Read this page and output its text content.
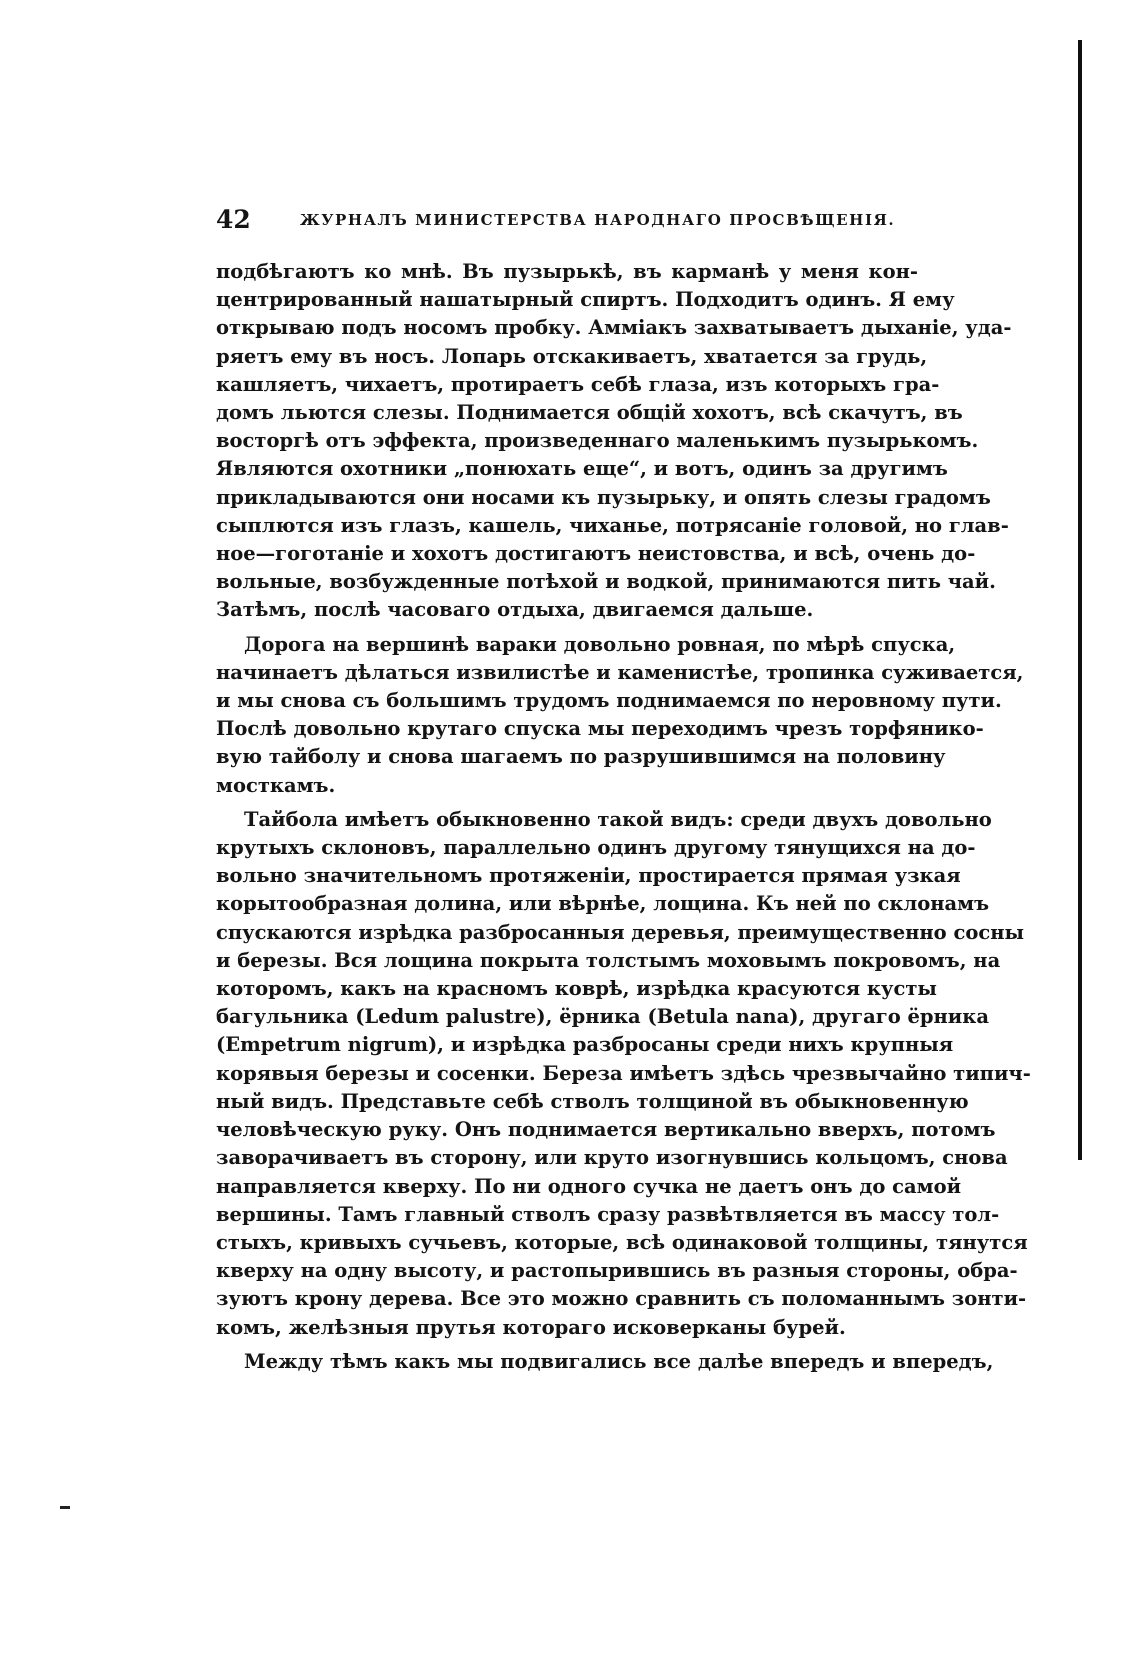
42	ЖУРНАЛЪ МИНИСТЕРСТВА НАРОДНАГО ПРОСВѢЩЕНІЯ.
подбѣгаютъ ко мнѣ. Въ пузырькѣ, въ карманѣ у меня кон-
центрированный нашатырный спиртъ. Подходитъ одинъ. Я ему
открываю подъ носомъ пробку. Амміакъ захватываетъ дыханіе, уда-
ряетъ ему въ носъ. Лопарь отскакиваетъ, хватается за грудь,
кашляетъ, чихаетъ, протираетъ себѣ глаза, изъ которыхъ гра-
домъ льются слезы. Поднимается общій хохотъ, всѣ скачутъ, въ
восторгѣ отъ эффекта, произведеннаго маленькимъ пузырькомъ.
Являются охотники „понюхать еще“, и вотъ, одинъ за другимъ
прикладываются они носами къ пузырьку, и опять слезы градомъ
сыплются изъ глазъ, кашель, чиханье, потрясаніе головой, но глав-
ное—гоготаніе и хохотъ достигаютъ неистовства, и всѣ, очень до-
вольные, возбужденные потѣхой и водкой, принимаются пить чай.
Затѣмъ, послѣ часоваго отдыха, двигаемся дальше.
Дорога на вершинѣ вараки довольно ровная, по мѣрѣ спуска,
начинаетъ дѣлаться извилистѣе и каменистѣе, тропинка суживается,
и мы снова съ большимъ трудомъ поднимаемся по неровному пути.
Послѣ довольно крутаго спуска мы переходимъ чрезъ торфянико-
вую тайболу и снова шагаемъ по разрушившимся на половину
мосткамъ.
Тайбола имѣетъ обыкновенно такой видъ: среди двухъ довольно
крутыхъ склоновъ, параллельно одинъ другому тянущихся на до-
вольно значительномъ протяженіи, простирается прямая узкая
корытообразная долина, или вѣрнѣе, лощина. Къ ней по склонамъ
спускаются изрѣдка разбросанныя деревья, преимущественно сосны
и березы. Вся лощина покрыта толстымъ моховымъ покровомъ, на
которомъ, какъ на красномъ коврѣ, изрѣдка красуются кусты
багульника (Ledum palustre), ёрника (Betula nana), другаго ёрника
(Empetrum nigrum), и изрѣдка разбросаны среди нихъ крупныя
корявыя березы и сосенки. Береза имѣетъ здѣсь чрезвычайно типич-
ный видъ. Представьте себѣ стволъ толщиной въ обыкновенную
человѣческую руку. Онъ поднимается вертикально вверхъ, потомъ
заворачиваетъ въ сторону, или круто изогнувшись кольцомъ, снова
направляется кверху. По ни одного сучка не даетъ онъ до самой
вершины. Тамъ главный стволъ сразу развѣтвляется въ массу тол-
стыхъ, кривыхъ сучьевъ, которые, всѣ одинаковой толщины, тянутся
кверху на одну высоту, и растопырившись въ разныя стороны, обра-
зуютъ крону дерева. Все это можно сравнить съ поломаннымъ зонти-
комъ, желѣзныя прутья котораго исковерканы бурей.
Между тѣмъ какъ мы подвигались все далѣе впередъ и впередъ,
